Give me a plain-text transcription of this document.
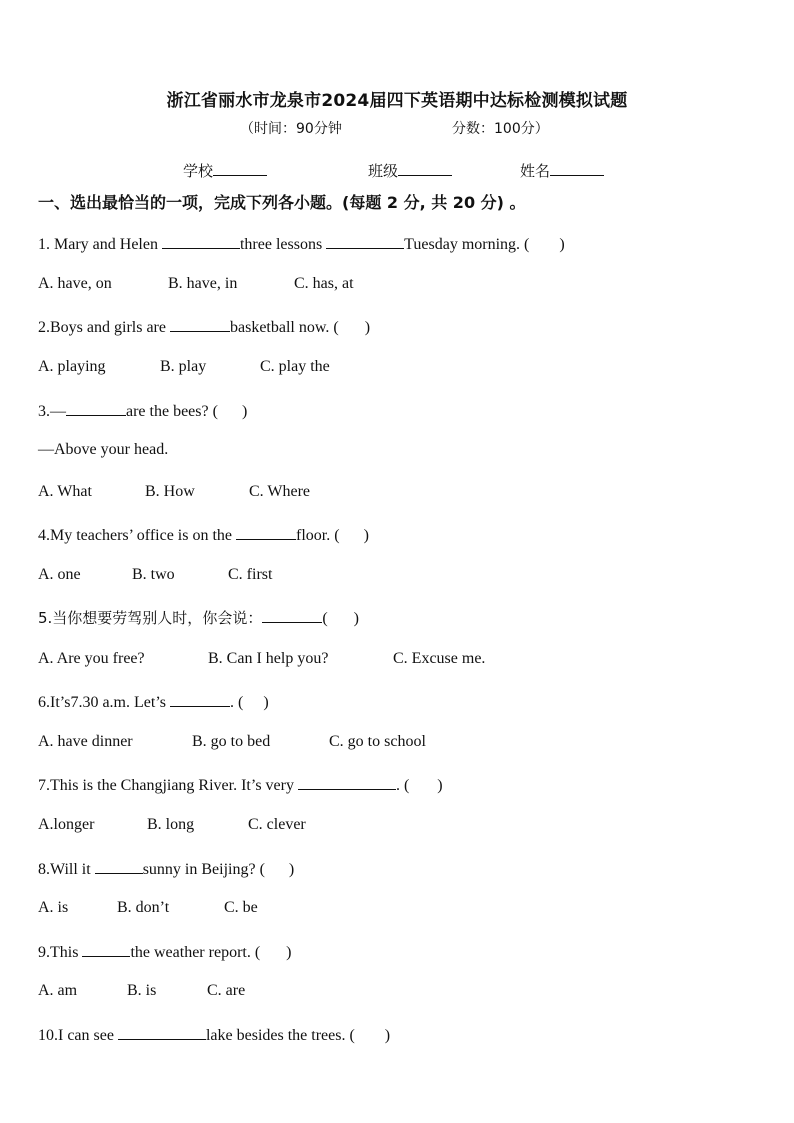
浙江省丽水市龙泉市2024届四下英语期中达标检测模拟试题
（时间：90分钟	分数：100分）
学校	班级	姓名
一、选出最恰当的一项，完成下列各小题。(每题 2 分, 共 20 分) 。
1. Mary and Helen	three lessons	Tuesday morning. ( )
A. have, on	B. have, in	C. has, at
2.Boys and girls are	basketball now. ( )
A. playing	B. play	C. play the
3.—	are the bees? ( )
—Above your head.
A. What	B. How	C. Where
4.My teachers’ office is on the	floor. ( )
A. one	B. two	C. first
5.当你想要劳驾别人时，你会说：	( )
A. Are you free?	B. Can I help you?	C. Excuse me.
6.It’s7.30 a.m. Let’s	. ( )
A. have dinner	B. go to bed	C. go to school
7.This is the Changjiang River. It’s very	. ( )
A.longer	B. long	C. clever
8.Will it	sunny in Beijing? ( )
A. is	B. don’t	C. be
9.This	the weather report. ( )
A. am	B. is	C. are
10.I can see	lake besides the trees. ( )
